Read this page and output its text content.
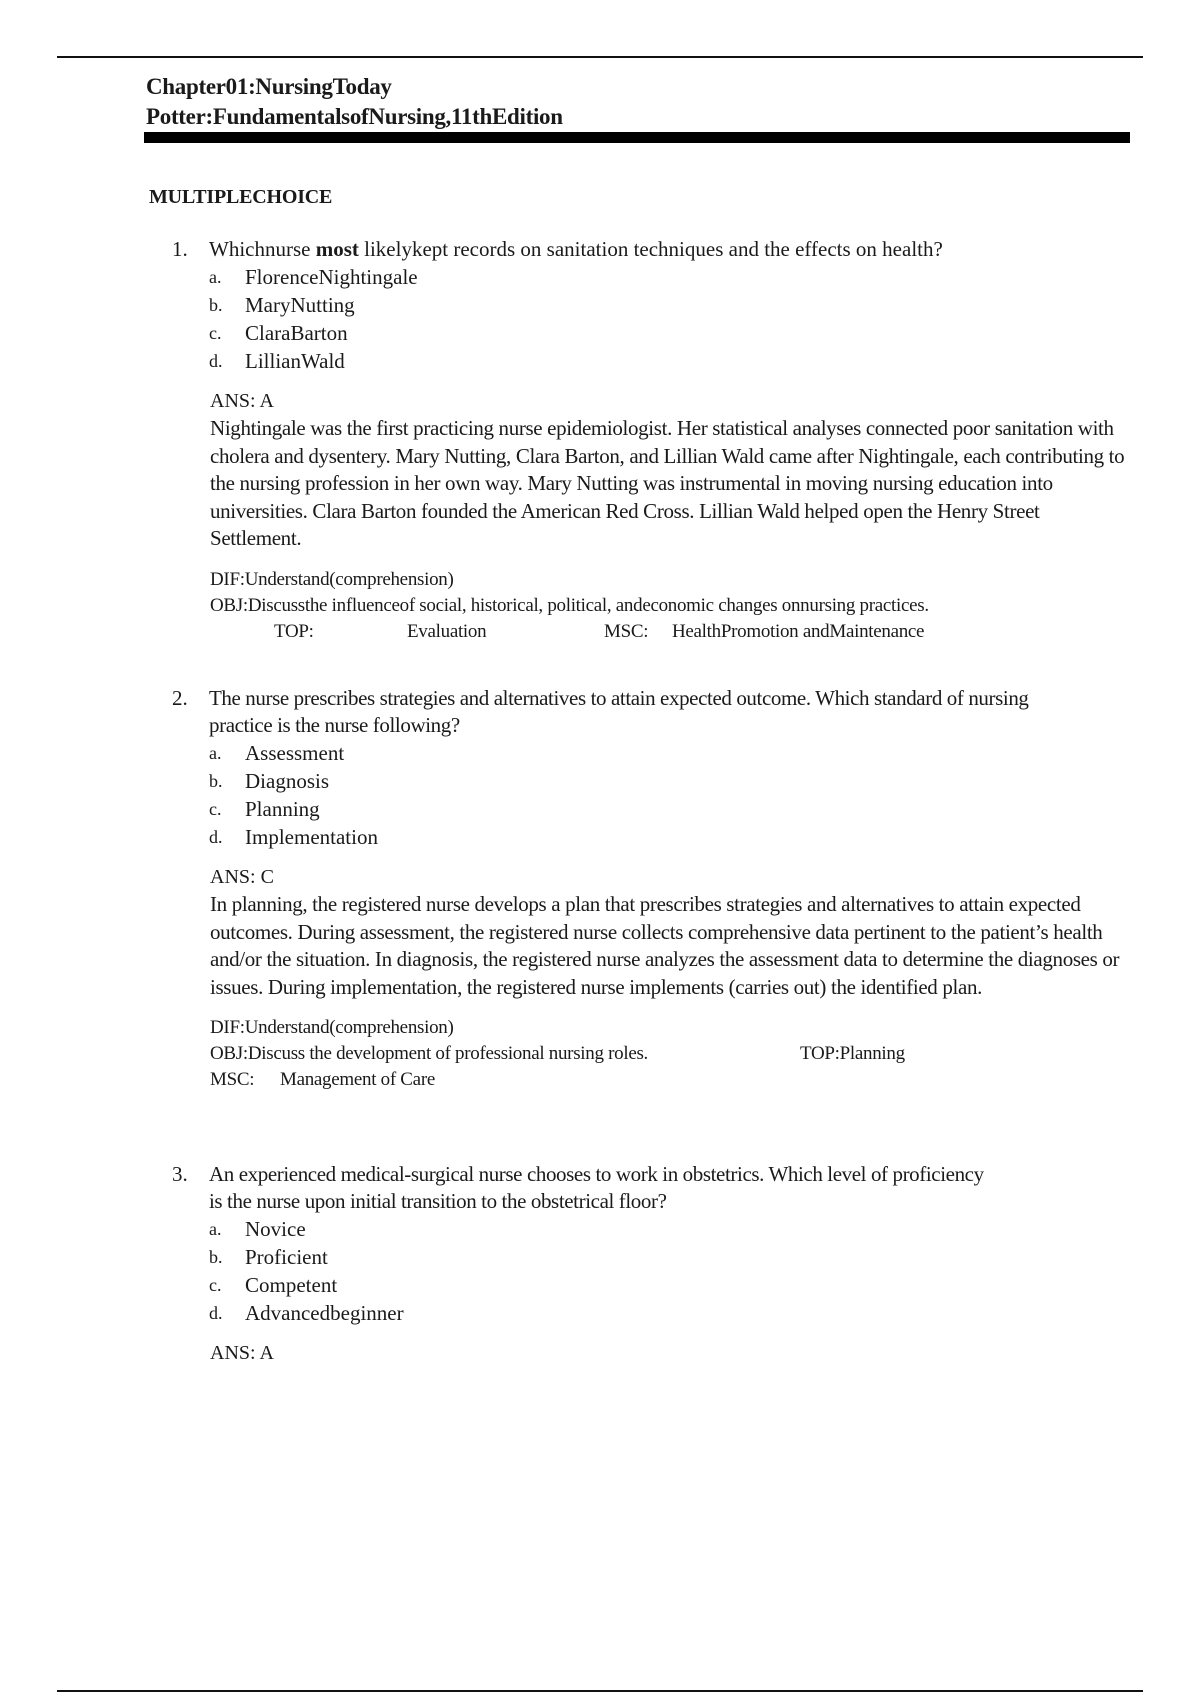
Chapter01:NursingToday
Potter:FundamentalsofNursing,11thEdition
MULTIPLECHOICE
1.	Whichnurse most likelykept records on sanitation techniques and the effects on health?
a.	FlorenceNightingale
b.	MaryNutting
c.	ClaraBarton
d.	LillianWald
ANS: A
Nightingale was the first practicing nurse epidemiologist. Her statistical analyses connected poor sanitation with cholera and dysentery. Mary Nutting, Clara Barton, and Lillian Wald came after Nightingale, each contributing to the nursing profession in her own way. Mary Nutting was instrumental in moving nursing education into universities. Clara Barton founded the American Red Cross. Lillian Wald helped open the Henry Street Settlement.
DIF:Understand(comprehension)
OBJ:Discussthe influenceof social, historical, political, andeconomic changes onnursing practices.
TOP:	Evaluation	MSC:	HealthPromotion andMaintenance
2.	The nurse prescribes strategies and alternatives to attain expected outcome. Which standard of nursing practice is the nurse following?
a.	Assessment
b.	Diagnosis
c.	Planning
d.	Implementation
ANS: C
In planning, the registered nurse develops a plan that prescribes strategies and alternatives to attain expected outcomes. During assessment, the registered nurse collects comprehensive data pertinent to the patient’s health and/or the situation. In diagnosis, the registered nurse analyzes the assessment data to determine the diagnoses or issues. During implementation, the registered nurse implements (carries out) the identified plan.
DIF:Understand(comprehension)
OBJ:Discuss the development of professional nursing roles.	TOP:Planning
MSC:	Management of Care
3.	An experienced medical-surgical nurse chooses to work in obstetrics. Which level of proficiency is the nurse upon initial transition to the obstetrical floor?
a.	Novice
b.	Proficient
c.	Competent
d.	Advancedbeginner
ANS: A
